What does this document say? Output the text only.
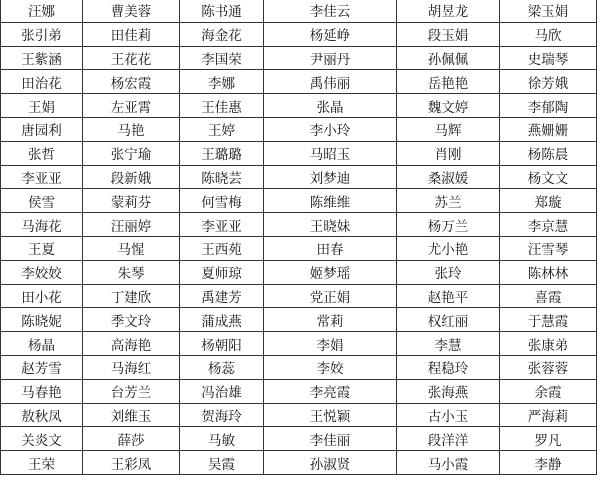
汪娜	曹美蓉	陈书通	李佳云	胡昱龙	梁玉娟
张引弟	田佳莉	海金花	杨延峥	段玉娟	马欣
王紫涵	王花花	李国荣	尹丽丹	孙佩佩	史瑞琴
田治花	杨宏霞	李娜	禹伟丽	岳艳艳	徐芳娥
王娟	左亚霄	王佳惠	张晶	魏文婷	李郁陶
唐园利	马艳	王婷	李小玲	马辉	燕姗姗
张哲	张宁瑜	王璐璐	马昭玉	肖刚	杨陈晨
李亚亚	段新娥	陈晓芸	刘梦迪	桑淑媛	杨文文
侯雪	蒙莉芬	何雪梅	陈维维	苏兰	郑璇
马海花	汪丽婷	李亚亚	王晓妹	杨万兰	李京慧
王夏	马惺	王西苑	田春	尤小艳	汪雪琴
李姣姣	朱琴	夏师琼	姬梦瑶	张玲	陈林林
田小花	丁建欣	禹建芳	党正娟	赵艳平	喜霞
陈晓妮	季文玲	蒲成燕	常莉	权红丽	于慧霞
杨晶	高海艳	杨朝阳	李娟	李慧	张康弟
赵芳雪	马海红	杨蕊	李姣	程稳玲	张蓉蓉
马春艳	台芳兰	冯治雄	李亮霞	张海燕	余霞
敖秋凤	刘维玉	贺海玲	王悦颖	古小玉	严海莉
关炎文	薛莎	马敏	李佳丽	段洋洋	罗凡
王荣	王彩凤	吴霞	孙淑贤	马小霞	李静
